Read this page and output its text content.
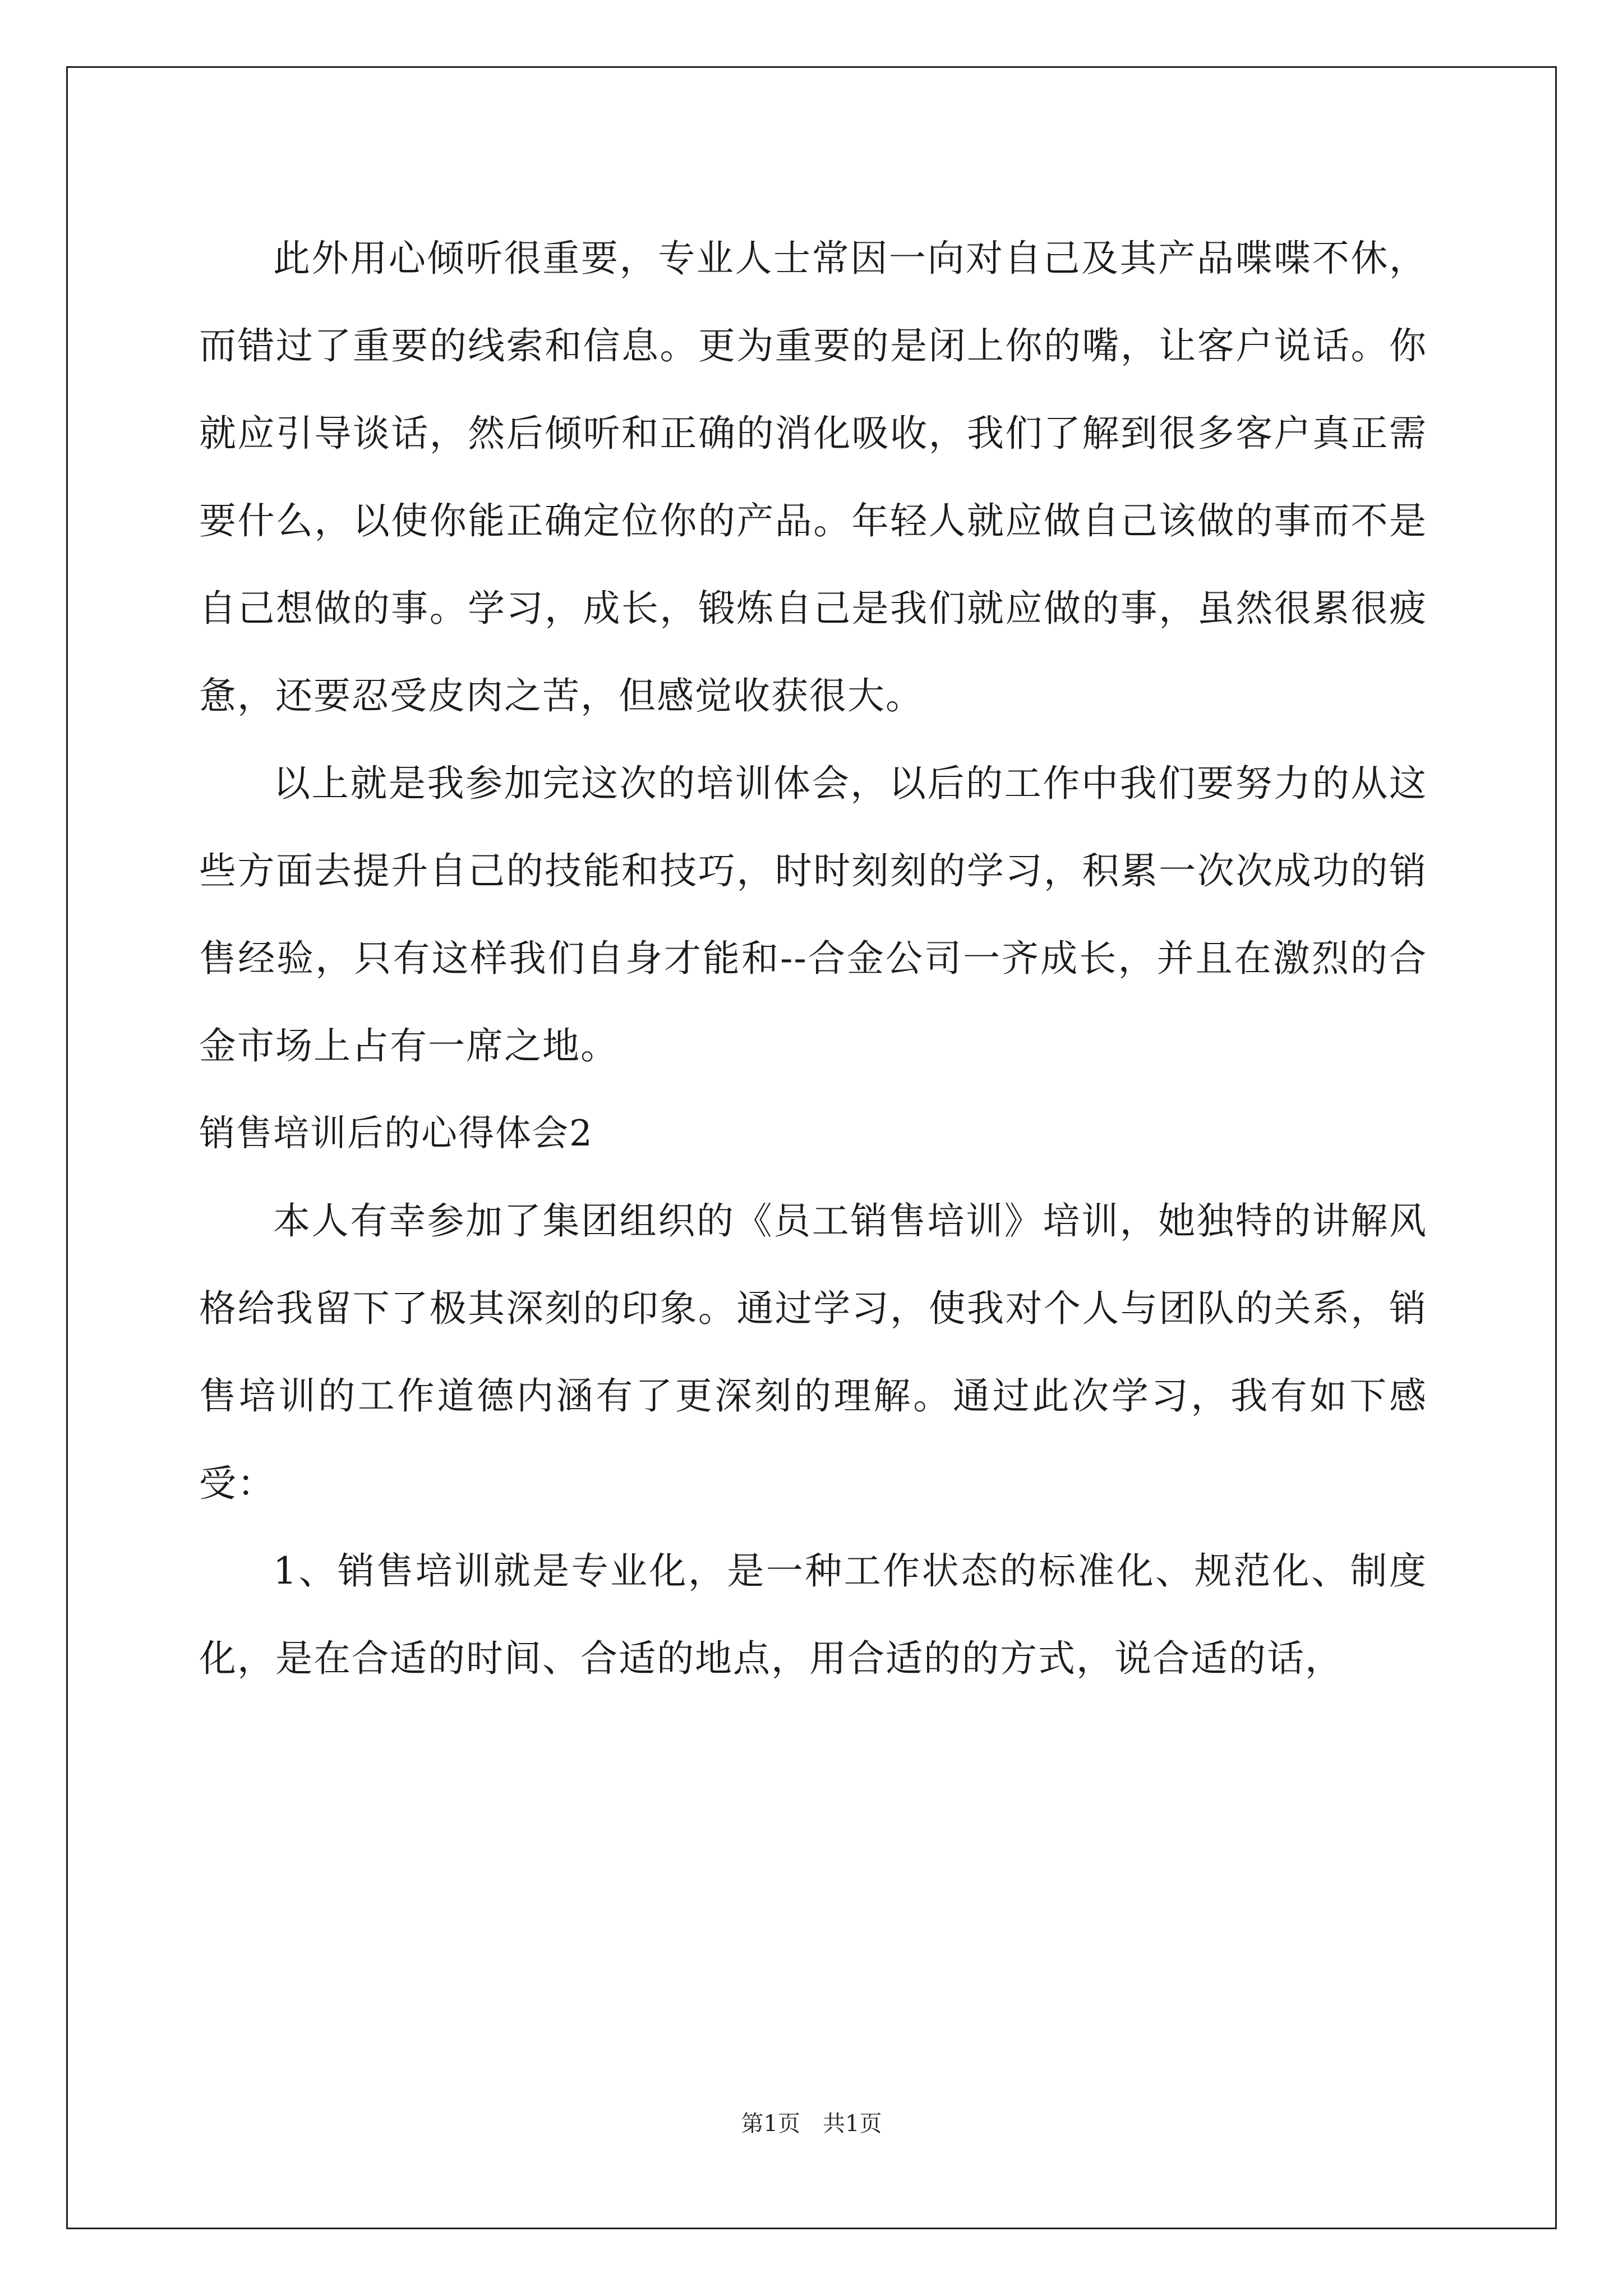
此外用心倾听很重要，专业人士常因一向对自己及其产品喋喋不休，而错过了重要的线索和信息。更为重要的是闭上你的嘴，让客户说话。你就应引导谈话，然后倾听和正确的消化吸收，我们了解到很多客户真正需要什么，以使你能正确定位你的产品。年轻人就应做自己该做的事而不是自己想做的事。学习，成长，锻炼自己是我们就应做的事，虽然很累很疲惫，还要忍受皮肉之苦，但感觉收获很大。

以上就是我参加完这次的培训体会，以后的工作中我们要努力的从这些方面去提升自己的技能和技巧，时时刻刻的学习，积累一次次成功的销售经验，只有这样我们自身才能和--合金公司一齐成长，并且在激烈的合金市场上占有一席之地。

销售培训后的心得体会2

本人有幸参加了集团组织的《员工销售培训》培训，她独特的讲解风格给我留下了极其深刻的印象。通过学习，使我对个人与团队的关系，销售培训的工作道德内涵有了更深刻的理解。通过此次学习，我有如下感受：

1、销售培训就是专业化，是一种工作状态的标准化、规范化、制度化，是在合适的时间、合适的地点，用合适的的方式，说合适的话，

第1页　共1页
